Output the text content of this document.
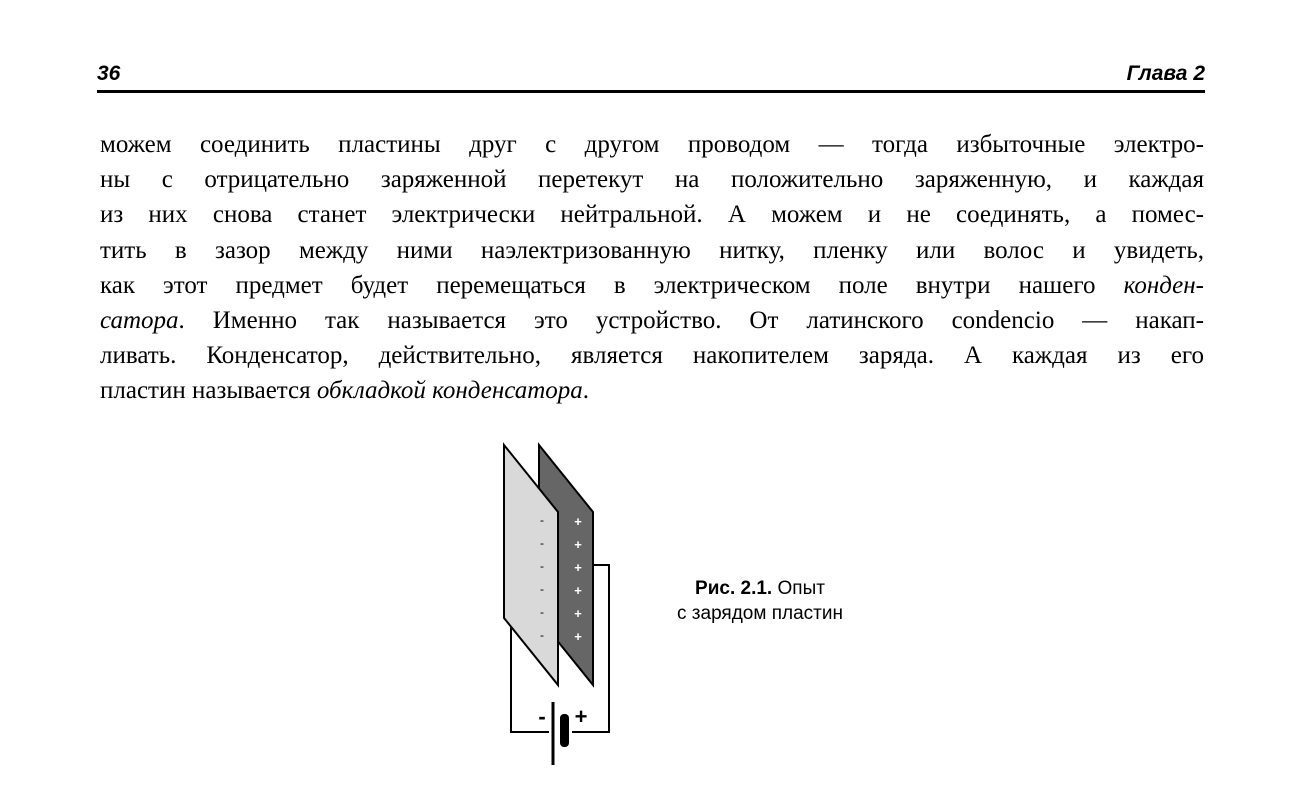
36	Глава 2
можем соединить пластины друг с другом проводом — тогда избыточные электро-
ны с отрицательно заряженной перетекут на положительно заряженную, и каждая
из них снова станет электрически нейтральной. А можем и не соединять, а помес-
тить в зазор между ними наэлектризованную нитку, пленку или волос и увидеть,
как этот предмет будет перемещаться в электрическом поле внутри нашего конден-
сатора. Именно так называется это устройство. От латинского condencio — накап-
ливать. Конденсатор, действительно, является накопителем заряда. А каждая из его
пластин называется обкладкой конденсатора.
-
-
-
-
-
-
+
+
+
+
+
+
- +
Рис. 2.1. Опыт
с зарядом пластин
